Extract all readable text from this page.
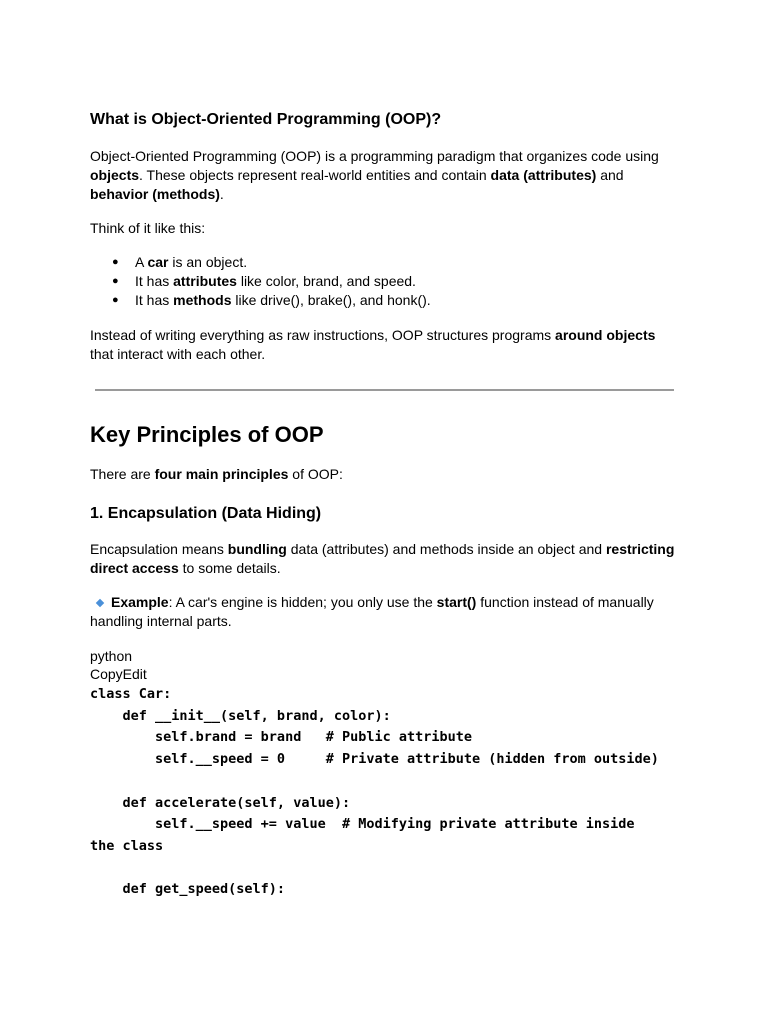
What is Object-Oriented Programming (OOP)?

Object-Oriented Programming (OOP) is a programming paradigm that organizes code using objects. These objects represent real-world entities and contain data (attributes) and behavior (methods).

Think of it like this:

● A car is an object.
● It has attributes like color, brand, and speed.
● It has methods like drive(), brake(), and honk().

Instead of writing everything as raw instructions, OOP structures programs around objects that interact with each other.

Key Principles of OOP

There are four main principles of OOP:

1. Encapsulation (Data Hiding)

Encapsulation means bundling data (attributes) and methods inside an object and restricting direct access to some details.

Example: A car's engine is hidden; you only use the start() function instead of manually handling internal parts.

python

CopyEdit

class Car:
def __init__(self, brand, color):
self.brand = brand   # Public attribute
self.__speed = 0     # Private attribute (hidden from outside)

def accelerate(self, value):
self.__speed += value  # Modifying private attribute inside
the class

def get_speed(self):
